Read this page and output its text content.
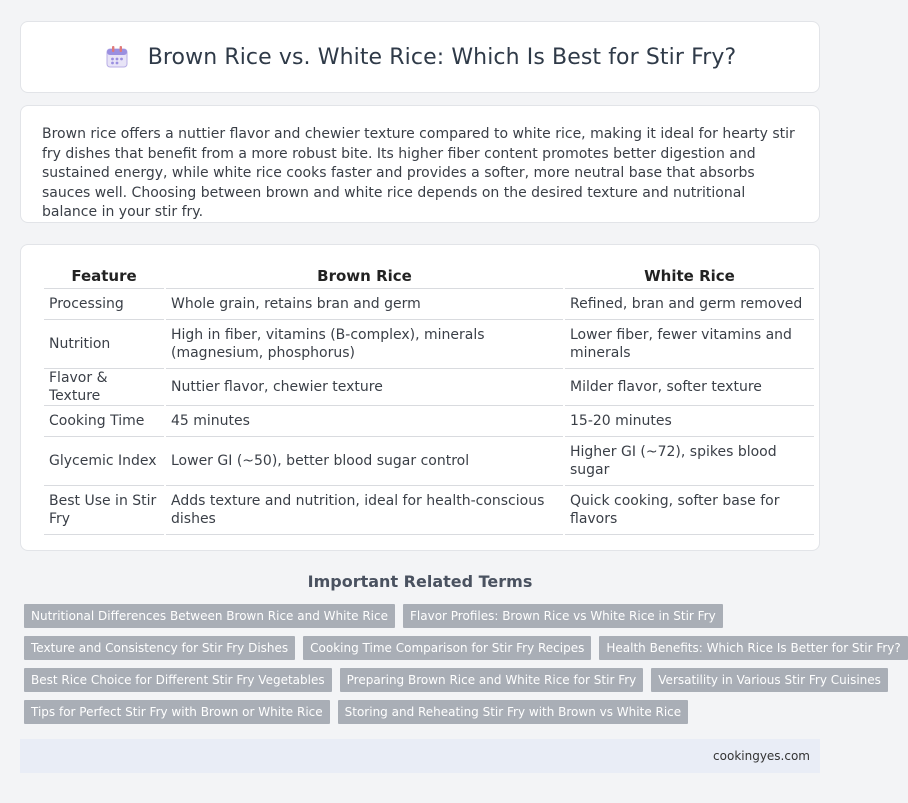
Brown Rice vs. White Rice: Which Is Best for Stir Fry?

Brown rice offers a nuttier flavor and chewier texture compared to white rice, making it ideal for hearty stir fry dishes that benefit from a more robust bite. Its higher fiber content promotes better digestion and sustained energy, while white rice cooks faster and provides a softer, more neutral base that absorbs sauces well. Choosing between brown and white rice depends on the desired texture and nutritional balance in your stir fry.

Feature	Brown Rice	White Rice
Processing	Whole grain, retains bran and germ	Refined, bran and germ removed
Nutrition	High in fiber, vitamins (B-complex), minerals (magnesium, phosphorus)	Lower fiber, fewer vitamins and minerals
Flavor & Texture	Nuttier flavor, chewier texture	Milder flavor, softer texture
Cooking Time	45 minutes	15-20 minutes
Glycemic Index	Lower GI (~50), better blood sugar control	Higher GI (~72), spikes blood sugar
Best Use in Stir Fry	Adds texture and nutrition, ideal for health-conscious dishes	Quick cooking, softer base for flavors
Important Related Terms
Nutritional Differences Between Brown Rice and White Rice	Flavor Profiles: Brown Rice vs White Rice in Stir Fry
Texture and Consistency for Stir Fry Dishes	Cooking Time Comparison for Stir Fry Recipes	Health Benefits: Which Rice Is Better for Stir Fry?
Best Rice Choice for Different Stir Fry Vegetables	Preparing Brown Rice and White Rice for Stir Fry	Versatility in Various Stir Fry Cuisines
Tips for Perfect Stir Fry with Brown or White Rice	Storing and Reheating Stir Fry with Brown vs White Rice
cookingyes.com
